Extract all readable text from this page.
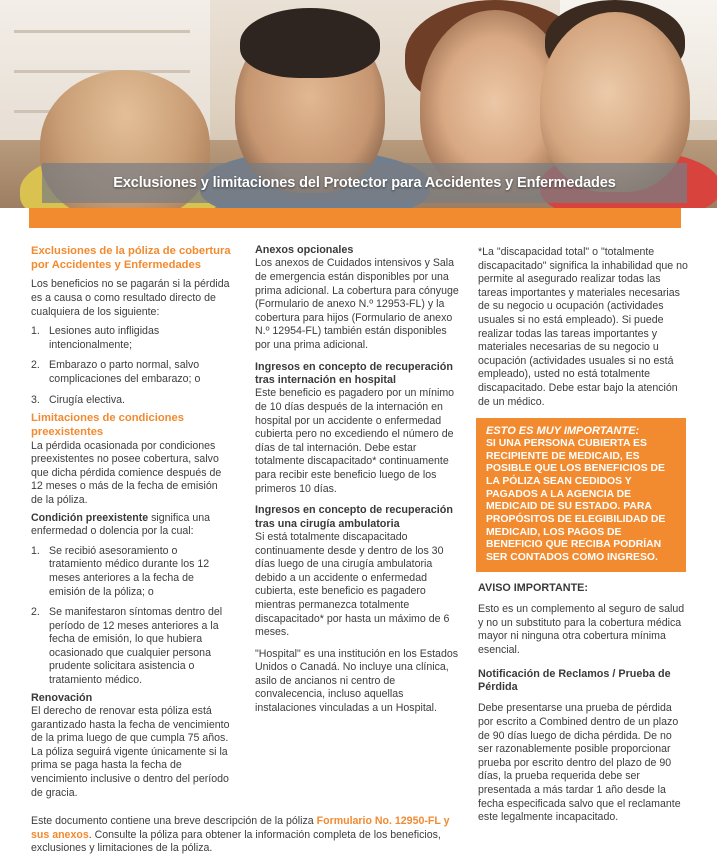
Exclusiones y limitaciones del Protector para Accidentes y Enfermedades
Exclusiones de la póliza de cobertura por Accidentes y Enfermedades

Los beneficios no se pagarán si la pérdida es a causa o como resultado directo de cualquiera de los siguiente:

1. Lesiones auto infligidas intencionalmente;
2. Embarazo o parto normal, salvo complicaciones del embarazo; o
3. Cirugía electiva.
Limitaciones de condiciones preexistentes

La pérdida ocasionada por condiciones preexistentes no posee cobertura, salvo que dicha pérdida comience después de 12 meses o más de la fecha de emisión de la póliza.

Condición preexistente significa una enfermedad o dolencia por la cual:

1. Se recibió asesoramiento o tratamiento médico durante los 12 meses anteriores a la fecha de emisión de la póliza; o
2. Se manifestaron síntomas dentro del período de 12 meses anteriores a la fecha de emisión, lo que hubiera ocasionado que cualquier persona prudente solicitara asistencia o tratamiento médico.
Renovación

El derecho de renovar esta póliza está garantizado hasta la fecha de vencimiento de la prima luego de que cumpla 75 años. La póliza seguirá vigente únicamente si la prima se paga hasta la fecha de vencimiento inclusive o dentro del período de gracia.

Anexos opcionales

Los anexos de Cuidados intensivos y Sala de emergencia están disponibles por una prima adicional. La cobertura para cónyuge (Formulario de anexo N.º 12953-FL) y la cobertura para hijos (Formulario de anexo N.º 12954-FL) también están disponibles por una prima adicional.

Ingresos en concepto de recuperación tras internación en hospital

Este beneficio es pagadero por un mínimo de 10 días después de la internación en hospital por un accidente o enfermedad cubierta pero no excediendo el número de días de tal internación. Debe estar totalmente discapacitado* continuamente para recibir este beneficio luego de los primeros 10 días.

Ingresos en concepto de recuperación tras una cirugía ambulatoria

Si está totalmente discapacitado continuamente desde y dentro de los 30 días luego de una cirugía ambulatoria debido a un accidente o enfermedad cubierta, este beneficio es pagadero mientras permanezca totalmente discapacitado* por hasta un máximo de 6 meses.

"Hospital" es una institución en los Estados Unidos o Canadá. No incluye una clínica, asilo de ancianos ni centro de convalecencia, incluso aquellas instalaciones vinculadas a un Hospital.

*La "discapacidad total" o "totalmente discapacitado" significa la inhabilidad que no permite al asegurado realizar todas las tareas importantes y materiales necesarias de su negocio u ocupación (actividades usuales si no está empleado). Si puede realizar todas las tareas importantes y materiales necesarias de su negocio u ocupación (actividades usuales si no está empleado), usted no está totalmente discapacitado. Debe estar bajo la atención de un médico.

ESTO ES MUY IMPORTANTE:
SI UNA PERSONA CUBIERTA ES RECIPIENTE DE MEDICAID, ES POSIBLE QUE LOS BENEFICIOS DE LA PÓLIZA SEAN CEDIDOS Y PAGADOS A LA AGENCIA DE MEDICAID DE SU ESTADO. PARA PROPÓSITOS DE ELEGIBILIDAD DE MEDICAID, LOS PAGOS DE BENEFICIO QUE RECIBA PODRÍAN SER CONTADOS COMO INGRESO.
AVISO IMPORTANTE:

Esto es un complemento al seguro de salud y no un substituto para la cobertura médica mayor ni ninguna otra cobertura mínima esencial.

Notificación de Reclamos / Prueba de Pérdida

Debe presentarse una prueba de pérdida por escrito a Combined dentro de un plazo de 90 días luego de dicha pérdida. De no ser razonablemente posible proporcionar prueba por escrito dentro del plazo de 90 días, la prueba requerida debe ser presentada a más tardar 1 año desde la fecha especificada salvo que el reclamante este legalmente incapacitado.

Este documento contiene una breve descripción de la póliza Formulario No. 12950-FL y sus anexos. Consulte la póliza para obtener la información completa de los beneficios, exclusiones y limitaciones de la póliza.
